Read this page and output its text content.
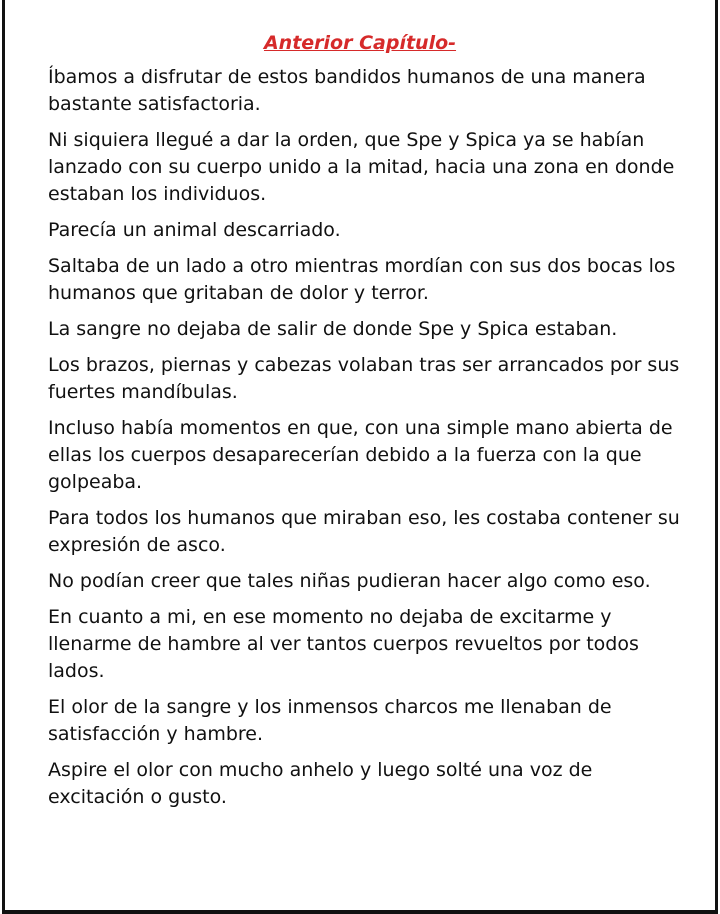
Anterior Capítulo-

Íbamos a disfrutar de estos bandidos humanos de una manera bastante satisfactoria.

Ni siquiera llegué a dar la orden, que Spe y Spica ya se habían lanzado con su cuerpo unido a la mitad, hacia una zona en donde estaban los individuos.

Parecía un animal descarriado.

Saltaba de un lado a otro mientras mordían con sus dos bocas los humanos que gritaban de dolor y terror.

La sangre no dejaba de salir de donde Spe y Spica estaban.

Los brazos, piernas y cabezas volaban tras ser arrancados por sus fuertes mandíbulas.

Incluso había momentos en que, con una simple mano abierta de ellas los cuerpos desaparecerían debido a la fuerza con la que golpeaba.

Para todos los humanos que miraban eso, les costaba contener su expresión de asco.

No podían creer que tales niñas pudieran hacer algo como eso.

En cuanto a mi, en ese momento no dejaba de excitarme y llenarme de hambre al ver tantos cuerpos revueltos por todos lados.

El olor de la sangre y los inmensos charcos me llenaban de satisfacción y hambre.

Aspire el olor con mucho anhelo y luego solté una voz de excitación o gusto.
